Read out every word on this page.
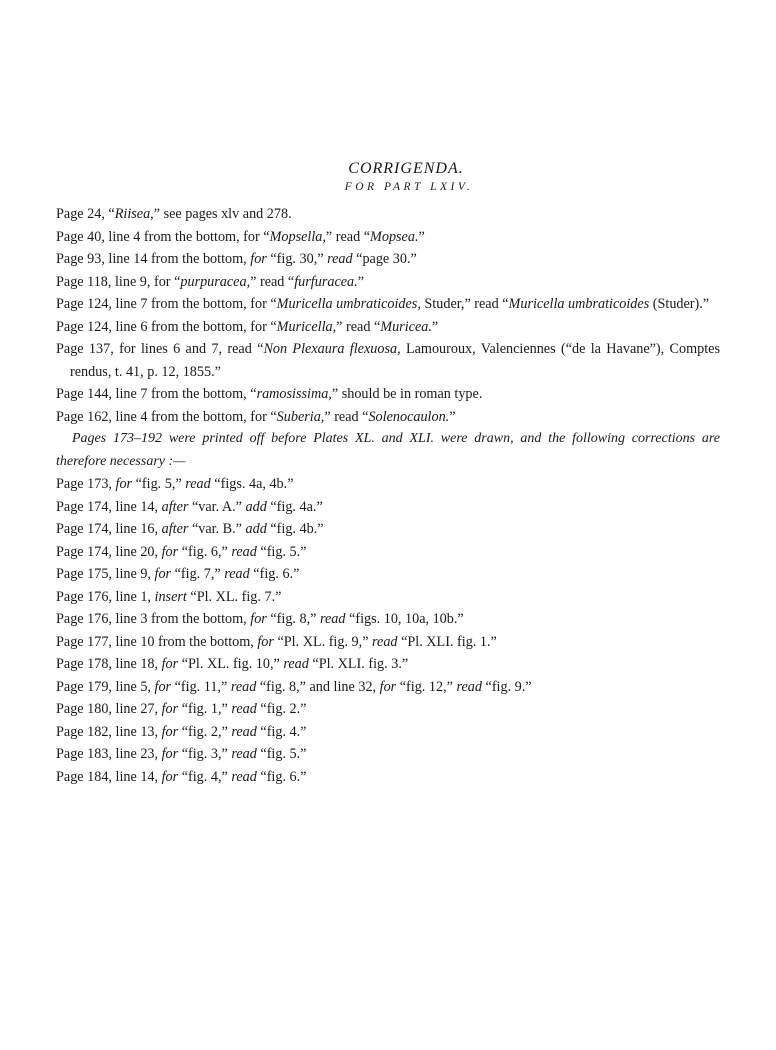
CORRIGENDA.
FOR PART LXIV.
Page 24, “Riisea,” see pages xlv and 278.
Page 40, line 4 from the bottom, for “Mopsella,” read “Mopsea.”
Page 93, line 14 from the bottom, for “fig. 30,” read “page 30.”
Page 118, line 9, for “purpuracea,” read “furfuracea.”
Page 124, line 7 from the bottom, for “Muricella umbraticoides, Studer,” read “Muricella umbraticoides (Studer).”
Page 124, line 6 from the bottom, for “Muricella,” read “Muricea.”
Page 137, for lines 6 and 7, read “Non Plexaura flexuosa, Lamouroux, Valenciennes (“de la Havane”), Comptes rendus, t. 41, p. 12, 1855.”
Page 144, line 7 from the bottom, “ramosissima,” should be in roman type.
Page 162, line 4 from the bottom, for “Suberia,” read “Solenocaulon.”
Pages 173–192 were printed off before Plates XL. and XLI. were drawn, and the following corrections are therefore necessary :—
Page 173, for “fig. 5,” read “figs. 4a, 4b.”
Page 174, line 14, after “var. A.” add “fig. 4a.”
Page 174, line 16, after “var. B.” add “fig. 4b.”
Page 174, line 20, for “fig. 6,” read “fig. 5.”
Page 175, line 9, for “fig. 7,” read “fig. 6.”
Page 176, line 1, insert “Pl. XL. fig. 7.”
Page 176, line 3 from the bottom, for “fig. 8,” read “figs. 10, 10a, 10b.”
Page 177, line 10 from the bottom, for “Pl. XL. fig. 9,” read “Pl. XLI. fig. 1.”
Page 178, line 18, for “Pl. XL. fig. 10,” read “Pl. XLI. fig. 3.”
Page 179, line 5, for “fig. 11,” read “fig. 8,” and line 32, for “fig. 12,” read “fig. 9.”
Page 180, line 27, for “fig. 1,” read “fig. 2.”
Page 182, line 13, for “fig. 2,” read “fig. 4.”
Page 183, line 23, for “fig. 3,” read “fig. 5.”
Page 184, line 14, for “fig. 4,” read “fig. 6.”
